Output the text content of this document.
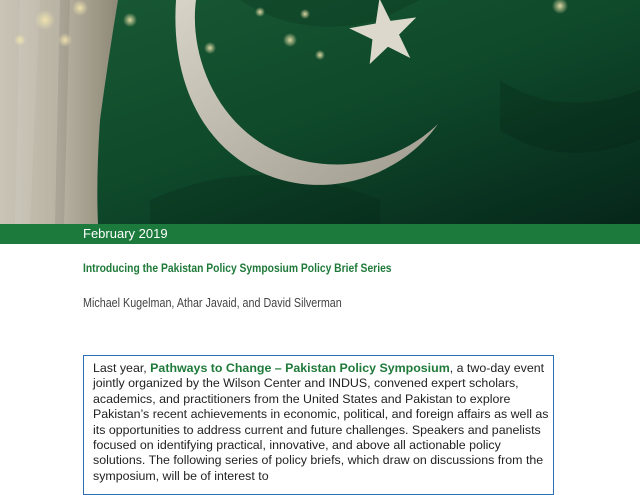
February 2019
Introducing the Pakistan Policy Symposium Policy Brief Series
Michael Kugelman, Athar Javaid, and David Silverman
Last year, Pathways to Change – Pakistan Policy Symposium, a two-day event jointly organized by the Wilson Center and INDUS, convened expert scholars, academics, and practitioners from the United States and Pakistan to explore Pakistan’s recent achievements in economic, political, and foreign affairs as well as its opportunities to address current and future challenges. Speakers and panelists focused on identifying practical, innovative, and above all actionable policy solutions. The following series of policy briefs, which draw on discussions from the symposium, will be of interest to
